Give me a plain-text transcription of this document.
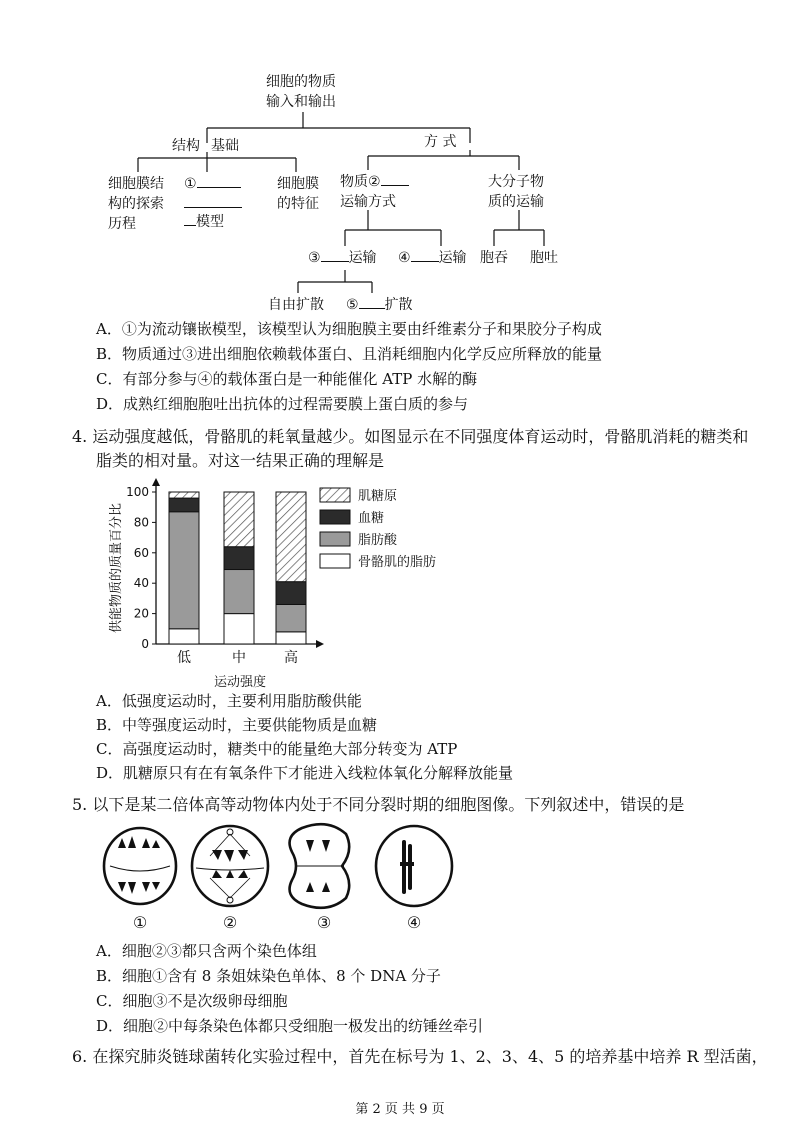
细胞的物质
输入和输出
结构 基础	方 式
细胞膜结
构的探索
历程
①
模型
细胞膜
的特征
物质②
运输方式
大分子物
质的运输
③ 运输 ④ 运输 胞吞 胞吐
自由扩散 ⑤ 扩散
A．①为流动镶嵌模型，该模型认为细胞膜主要由纤维素分子和果胶分子构成
B．物质通过③进出细胞依赖载体蛋白、且消耗细胞内化学反应所释放的能量
C．有部分参与④的载体蛋白是一种能催化 ATP 水解的酶
D．成熟红细胞胞吐出抗体的过程需要膜上蛋白质的参与
4. 运动强度越低，骨骼肌的耗氧量越少。如图显示在不同强度体育运动时，骨骼肌消耗的糖类和
脂类的相对量。对这一结果正确的理解是
0
20
40
60
80
100
低	中	高
运动强度
供能物质的质量百分比
肌糖原
血糖
脂肪酸
骨骼肌的脂肪
A．低强度运动时，主要利用脂肪酸供能
B．中等强度运动时，主要供能物质是血糖
C．高强度运动时，糖类中的能量绝大部分转变为 ATP
D．肌糖原只有在有氧条件下才能进入线粒体氧化分解释放能量
5. 以下是某二倍体高等动物体内处于不同分裂时期的细胞图像。下列叙述中，错误的是
①	②	③	④
A．细胞②③都只含两个染色体组
B．细胞①含有 8 条姐妹染色单体、8 个 DNA 分子
C．细胞③不是次级卵母细胞
D．细胞②中每条染色体都只受细胞一极发出的纺锤丝牵引
6. 在探究肺炎链球菌转化实验过程中，首先在标号为 1、2、3、4、5 的培养基中培养 R 型活菌，
第 2 页 共 9 页
